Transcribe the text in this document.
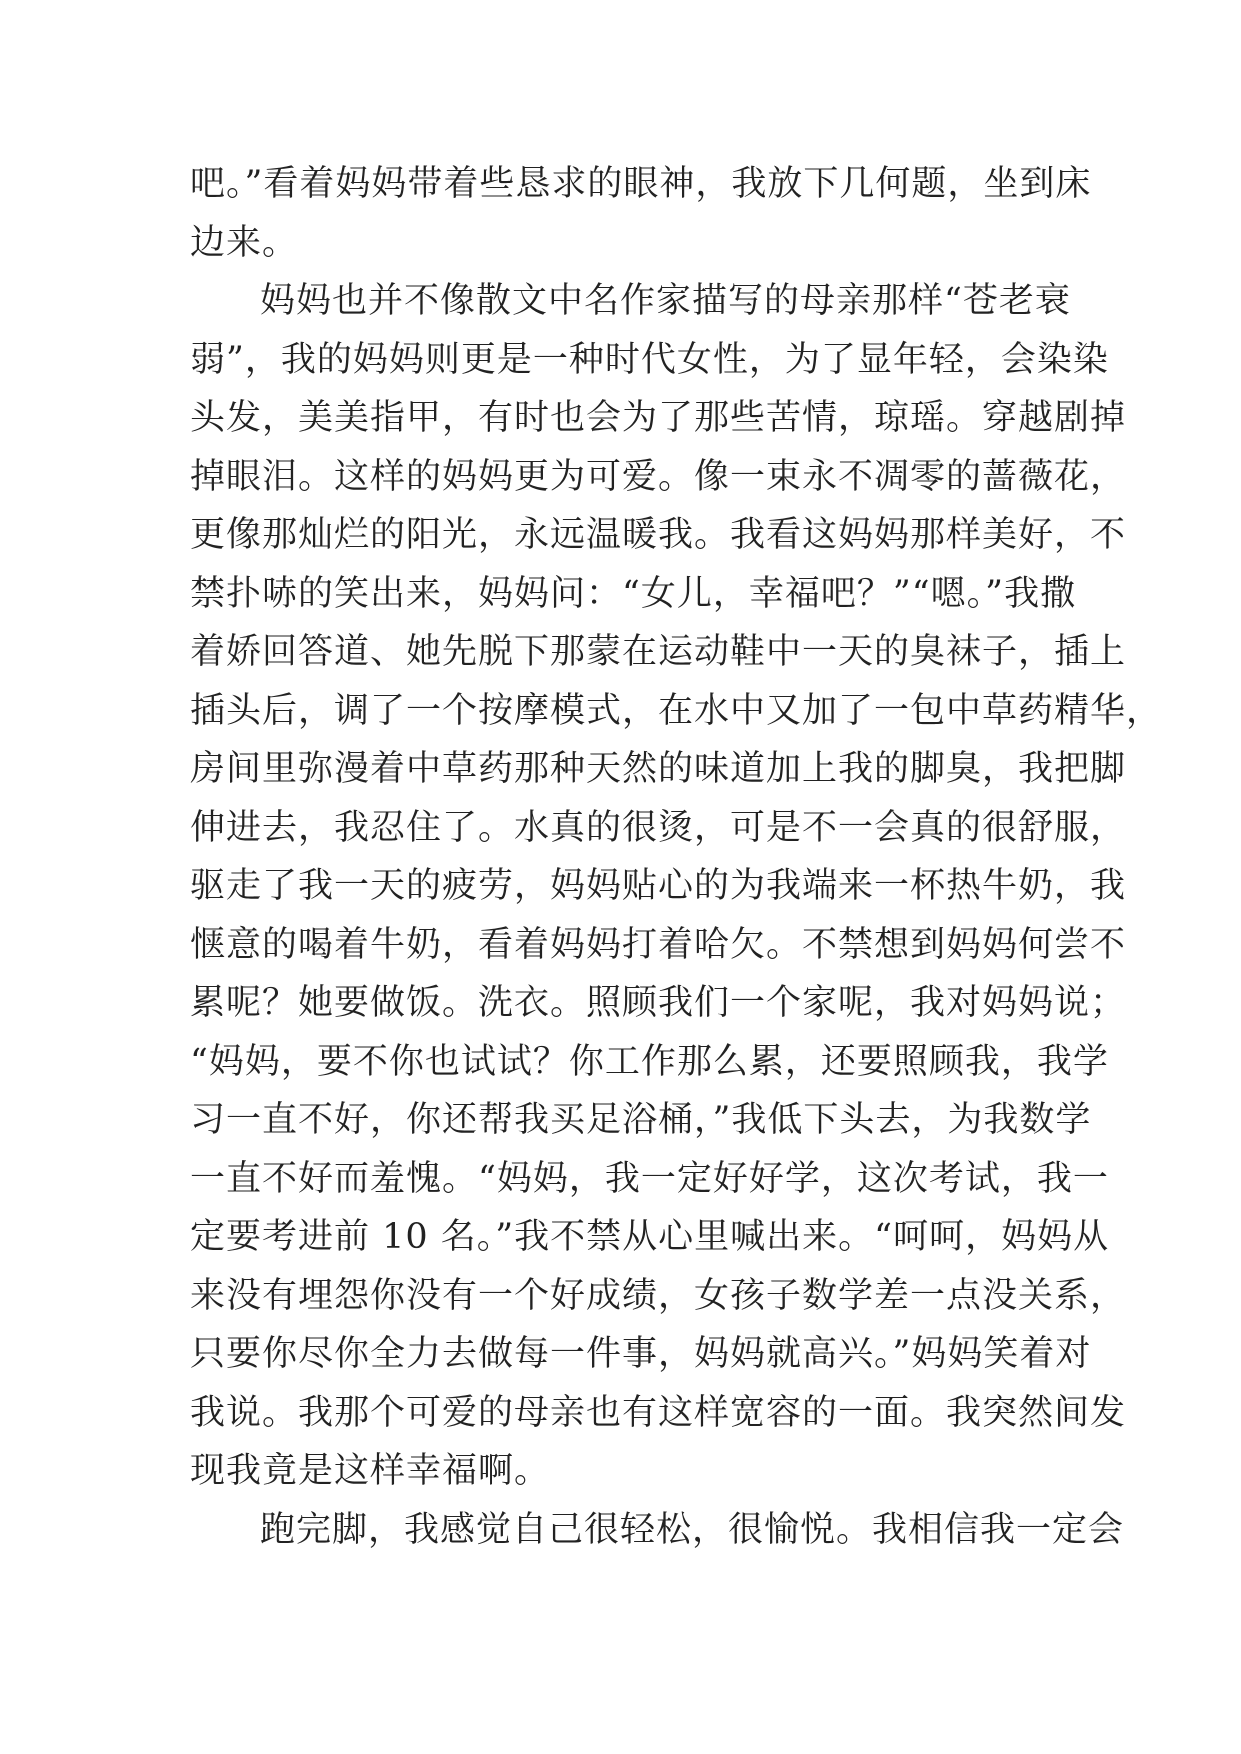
吧。”看着妈妈带着些恳求的眼神，我放下几何题，坐到床
边来。
妈妈也并不像散文中名作家描写的母亲那样“苍老衰
弱”，我的妈妈则更是一种时代女性，为了显年轻，会染染
头发，美美指甲，有时也会为了那些苦情，琼瑶。穿越剧掉
掉眼泪。这样的妈妈更为可爱。像一束永不凋零的蔷薇花，
更像那灿烂的阳光，永远温暖我。我看这妈妈那样美好，不
禁扑哧的笑出来，妈妈问：“女儿，幸福吧？”“嗯。”我撒
着娇回答道、她先脱下那蒙在运动鞋中一天的臭袜子，插上
插头后，调了一个按摩模式，在水中又加了一包中草药精华，
房间里弥漫着中草药那种天然的味道加上我的脚臭，我把脚
伸进去，我忍住了。水真的很烫，可是不一会真的很舒服，
驱走了我一天的疲劳，妈妈贴心的为我端来一杯热牛奶，我
惬意的喝着牛奶，看着妈妈打着哈欠。不禁想到妈妈何尝不
累呢？她要做饭。洗衣。照顾我们一个家呢，我对妈妈说；
“妈妈，要不你也试试？你工作那么累，还要照顾我，我学
习一直不好，你还帮我买足浴桶，”我低下头去，为我数学
一直不好而羞愧。“妈妈，我一定好好学，这次考试，我一
定要考进前 10 名。”我不禁从心里喊出来。“呵呵，妈妈从
来没有埋怨你没有一个好成绩，女孩子数学差一点没关系，
只要你尽你全力去做每一件事，妈妈就高兴。”妈妈笑着对
我说。我那个可爱的母亲也有这样宽容的一面。我突然间发
现我竟是这样幸福啊。
跑完脚，我感觉自己很轻松，很愉悦。我相信我一定会
